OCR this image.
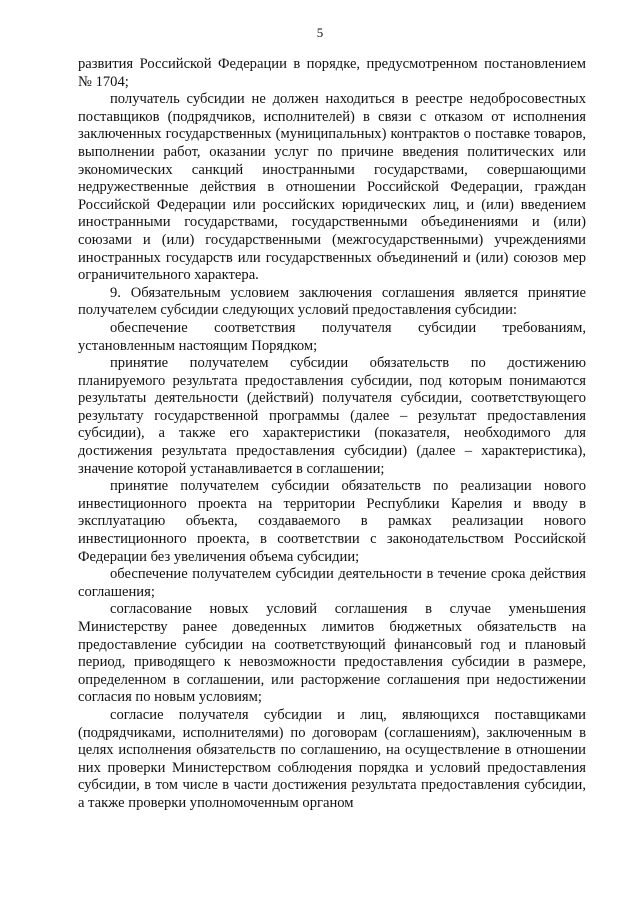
5

развития Российской Федерации в порядке, предусмотренном постановлением № 1704;

получатель субсидии не должен находиться в реестре недобросовестных поставщиков (подрядчиков, исполнителей) в связи с отказом от исполнения заключенных государственных (муниципальных) контрактов о поставке товаров, выполнении работ, оказании услуг по причине введения политических или экономических санкций иностранными государствами, совершающими недружественные действия в отношении Российской Федерации, граждан Российской Федерации или российских юридических лиц, и (или) введением иностранными государствами, государственными объединениями и (или) союзами и (или) государственными (межгосударственными) учреждениями иностранных государств или государственных объединений и (или) союзов мер ограничительного характера.

9. Обязательным условием заключения соглашения является принятие получателем субсидии следующих условий предоставления субсидии:

обеспечение соответствия получателя субсидии требованиям, установленным настоящим Порядком;

принятие получателем субсидии обязательств по достижению планируемого результата предоставления субсидии, под которым понимаются результаты деятельности (действий) получателя субсидии, соответствующего результату государственной программы (далее – результат предоставления субсидии), а также его характеристики (показателя, необходимого для достижения результата предоставления субсидии) (далее – характеристика), значение которой устанавливается в соглашении;

принятие получателем субсидии обязательств по реализации нового инвестиционного проекта на территории Республики Карелия и вводу в эксплуатацию объекта, создаваемого в рамках реализации нового инвестиционного проекта, в соответствии с законодательством Российской Федерации без увеличения объема субсидии;

обеспечение получателем субсидии деятельности в течение срока действия соглашения;

согласование новых условий соглашения в случае уменьшения Министерству ранее доведенных лимитов бюджетных обязательств на предоставление субсидии на соответствующий финансовый год и плановый период, приводящего к невозможности предоставления субсидии в размере, определенном в соглашении, или расторжение соглашения при недостижении согласия по новым условиям;

согласие получателя субсидии и лиц, являющихся поставщиками (подрядчиками, исполнителями) по договорам (соглашениям), заключенным в целях исполнения обязательств по соглашению, на осуществление в отношении них проверки Министерством соблюдения порядка и условий предоставления субсидии, в том числе в части достижения результата предоставления субсидии, а также проверки уполномоченным органом
